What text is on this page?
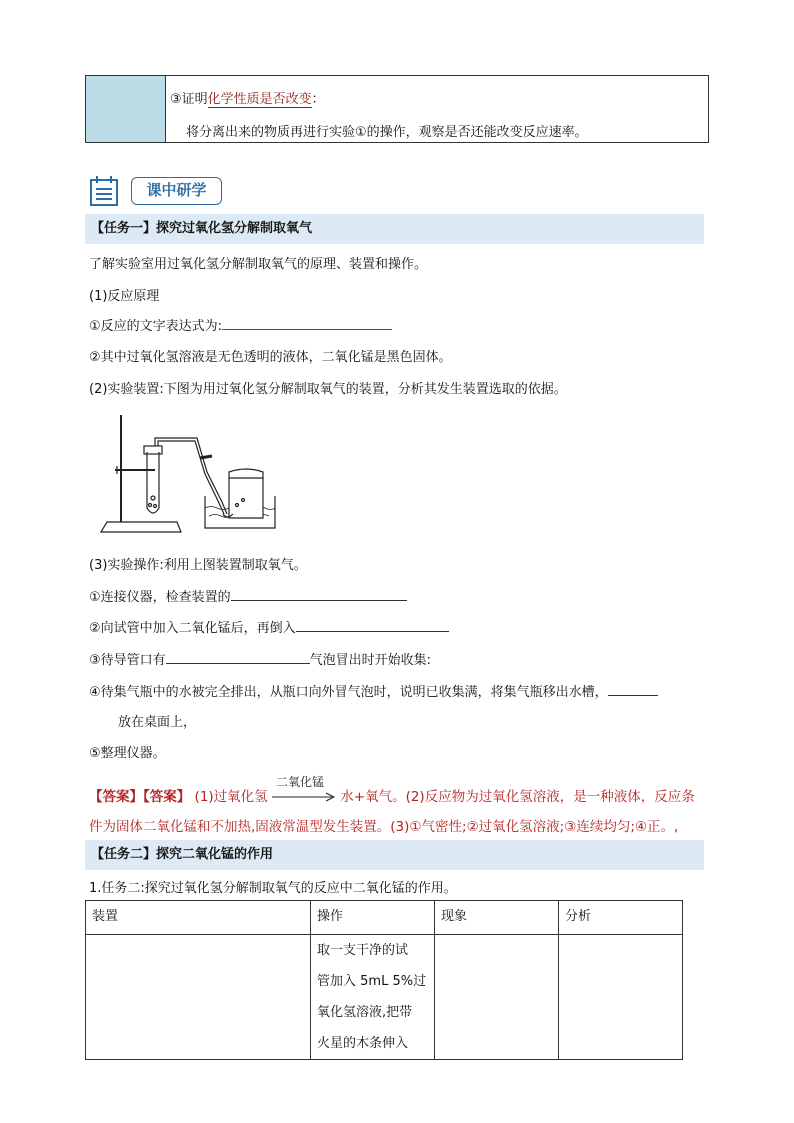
③证明化学性质是否改变：
将分离出来的物质再进行实验①的操作，观察是否还能改变反应速率。
课中研学
【任务一】探究过氧化氢分解制取氧气
了解实验室用过氧化氢分解制取氧气的原理、装置和操作。
(1)反应原理
①反应的文字表达式为:
②其中过氧化氢溶液是无色透明的液体，二氧化锰是黑色固体。
(2)实验装置:下图为用过氧化氢分解制取氧气的装置，分析其发生装置选取的依据。
(3)实验操作:利用上图装置制取氧气。
①连接仪器，检查装置的
②向试管中加入二氧化锰后，再倒入
③待导管口有	气泡冒出时开始收集:
④待集气瓶中的水被完全排出，从瓶口向外冒气泡时，说明已收集满，将集气瓶移出水槽，
放在桌面上，
⑤整理仪器。
【答案】【答案】 (1)过氧化氢
二氧化锰
水+氧气。(2)反应物为过氧化氢溶液，是一种液体，反应条
件为固体二氧化锰和不加热,固液常温型发生装置。(3)①气密性;②过氧化氢溶液;③连续均匀;④正。,
【任务二】探究二氧化锰的作用
1.任务二:探究过氧化氢分解制取氧气的反应中二氧化锰的作用。
装置	操作	现象	分析

	取一支干净的试
管加入 5mL 5%过
氧化氢溶液,把带
火星的木条伸入		
